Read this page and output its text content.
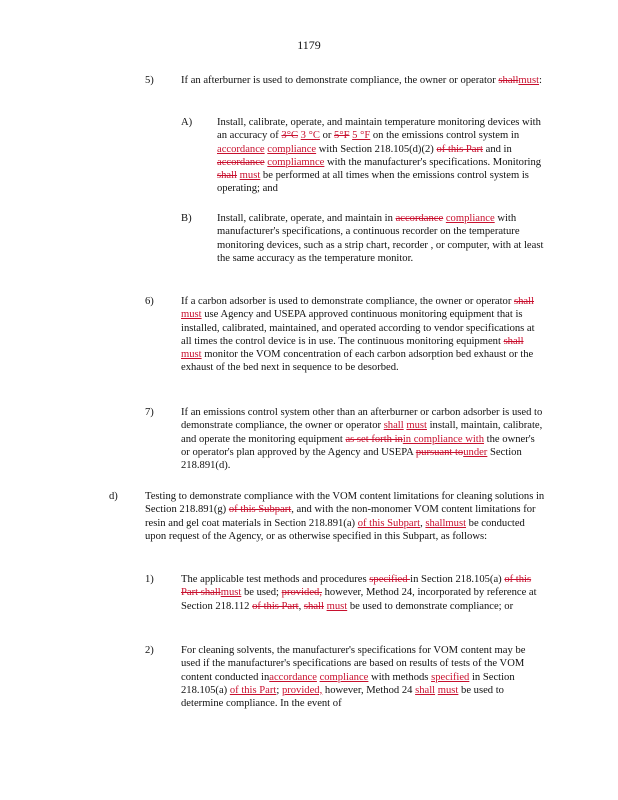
1179
5)	If an afterburner is used to demonstrate compliance, the owner or operator shallmust:
A) Install, calibrate, operate, and maintain temperature monitoring devices with an accuracy of 3°C 3 °C or 5°F 5 °F on the emissions control system in accordance compliance with Section 218.105(d)(2) of this Part and in accordance compliamnce with the manufacturer's specifications. Monitoring shall must be performed at all times when the emissions control system is operating; and
B) Install, calibrate, operate, and maintain in accordance compliance with manufacturer's specifications, a continuous recorder on the temperature monitoring devices, such as a strip chart, recorder , or computer, with at least the same accuracy as the temperature monitor.
6)	If a carbon adsorber is used to demonstrate compliance, the owner or operator shall must use Agency and USEPA approved continuous monitoring equipment that is installed, calibrated, maintained, and operated according to vendor specifications at all times the control device is in use. The continuous monitoring equipment shall must monitor the VOM concentration of each carbon adsorption bed exhaust or the exhaust of the bed next in sequence to be desorbed.
7)	If an emissions control system other than an afterburner or carbon adsorber is used to demonstrate compliance, the owner or operator shall must install, maintain, calibrate, and operate the monitoring equipment as set forth inin compliance with the owner's or operator's plan approved by the Agency and USEPA pursuant tounder Section 218.891(d).
d)	Testing to demonstrate compliance with the VOM content limitations for cleaning solutions in Section 218.891(g) of this Subpart, and with the non-monomer VOM content limitations for resin and gel coat materials in Section 218.891(a) of this Subpart, shallmust be conducted upon request of the Agency, or as otherwise specified in this Subpart, as follows:
1)	The applicable test methods and procedures specified in Section 218.105(a) of this Part shallmust be used; provided, however, Method 24, incorporated by reference at Section 218.112 of this Part, shall must be used to demonstrate compliance; or
2)	For cleaning solvents, the manufacturer's specifications for VOM content may be used if the manufacturer's specifications are based on results of tests of the VOM content conducted inaccordance compliance with methods specified in Section 218.105(a) of this Part; provided, however, Method 24 shall must be used to determine compliance. In the event of
